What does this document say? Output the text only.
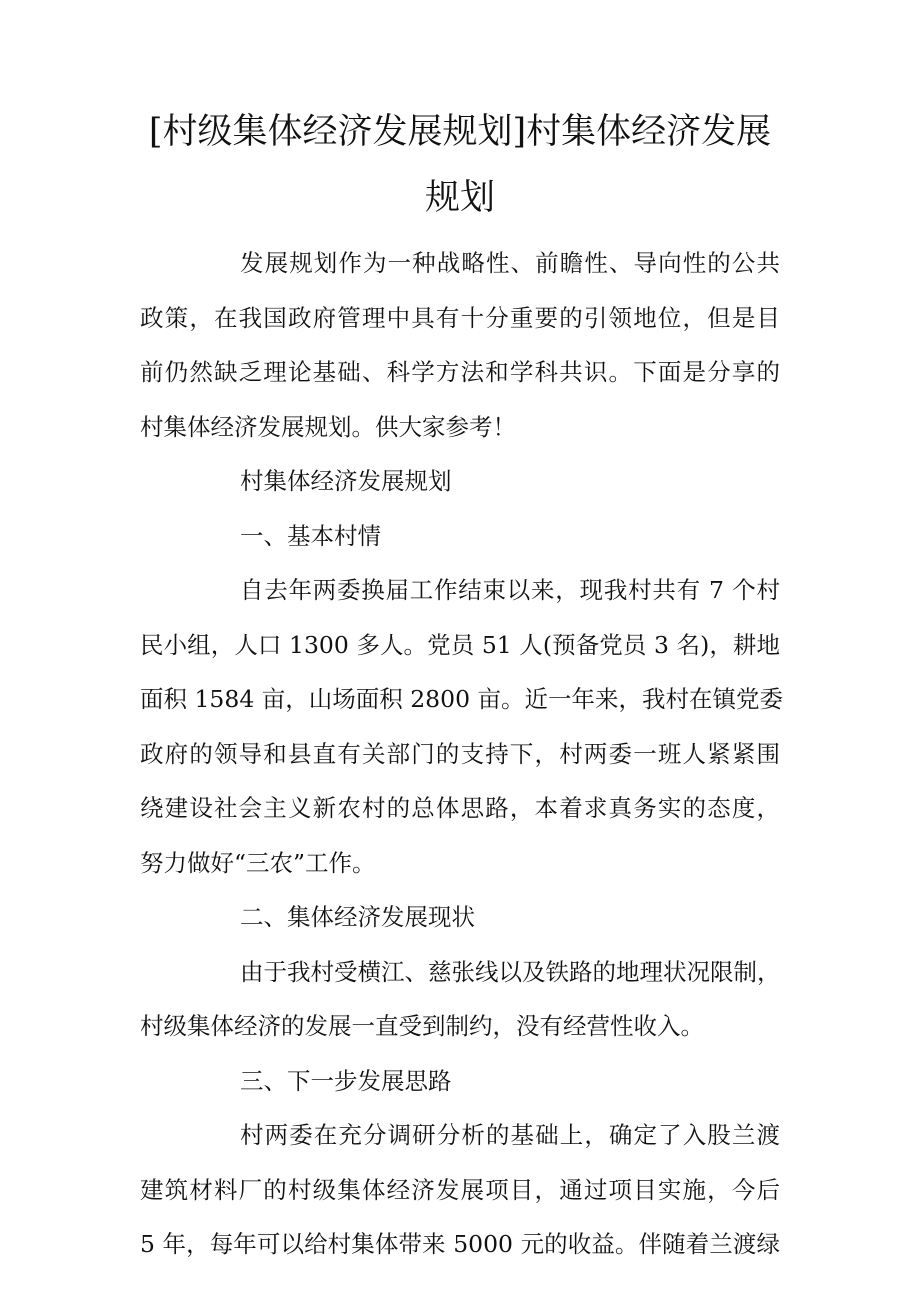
[村级集体经济发展规划]村集体经济发展
规划
发展规划作为一种战略性、前瞻性、导向性的公共
政策，在我国政府管理中具有十分重要的引领地位，但是目
前仍然缺乏理论基础、科学方法和学科共识。下面是分享的
村集体经济发展规划。供大家参考！
村集体经济发展规划
一、基本村情
自去年两委换届工作结束以来，现我村共有 7 个村
民小组，人口 1300 多人。党员 51 人(预备党员 3 名)，耕地
面积 1584 亩，山场面积 2800 亩。近一年来，我村在镇党委
政府的领导和县直有关部门的支持下，村两委一班人紧紧围
绕建设社会主义新农村的总体思路，本着求真务实的态度，
努力做好“三农”工作。
二、集体经济发展现状
由于我村受横江、慈张线以及铁路的地理状况限制，
村级集体经济的发展一直受到制约，没有经营性收入。
三、下一步发展思路
村两委在充分调研分析的基础上，确定了入股兰渡
建筑材料厂的村级集体经济发展项目，通过项目实施，今后
5 年，每年可以给村集体带来 5000 元的收益。伴随着兰渡绿
